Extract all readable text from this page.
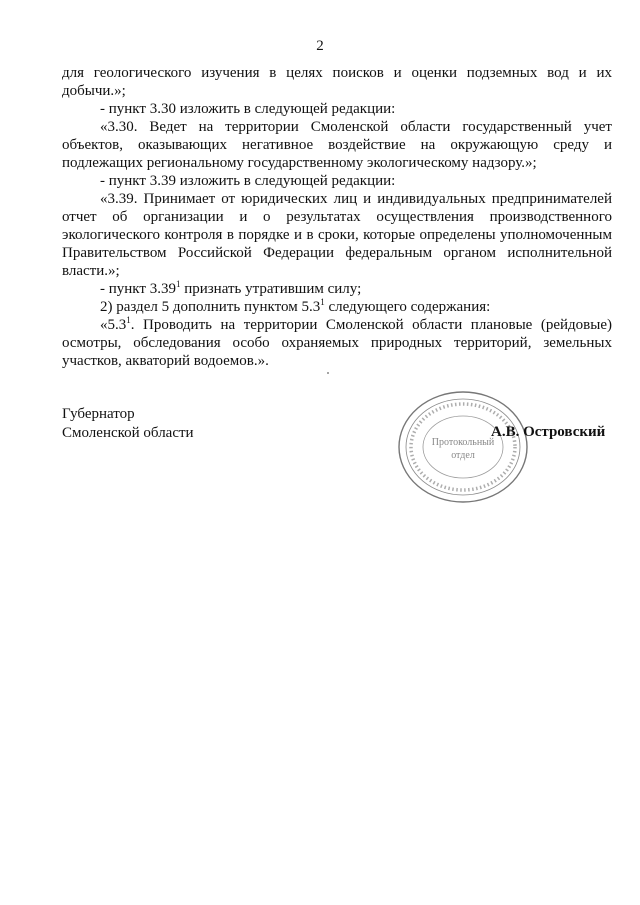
2

для геологического изучения в целях поисков и оценки подземных вод и их добычи.»;

- пункт 3.30 изложить в следующей редакции:

«3.30. Ведет на территории Смоленской области государственный учет объектов, оказывающих негативное воздействие на окружающую среду и подлежащих региональному государственному экологическому надзору.»;

- пункт 3.39 изложить в следующей редакции:

«3.39. Принимает от юридических лиц и индивидуальных предпринимателей отчет об организации и о результатах осуществления производственного экологического контроля в порядке и в сроки, которые определены уполномоченным Правительством Российской Федерации федеральным органом исполнительной власти.»;

- пункт 3.39$^1$ признать утратившим силу;

2) раздел 5 дополнить пунктом $5.3^1$ следующего содержания:

«$5.3^1$. Проводить на территории Смоленской области плановые (рейдовые) осмотры, обследования особо охраняемых природных территорий, земельных участков, акваторий водоемов.».

Губернатор
Смоленской области
Протокольный
отдел
А.В. Островский
